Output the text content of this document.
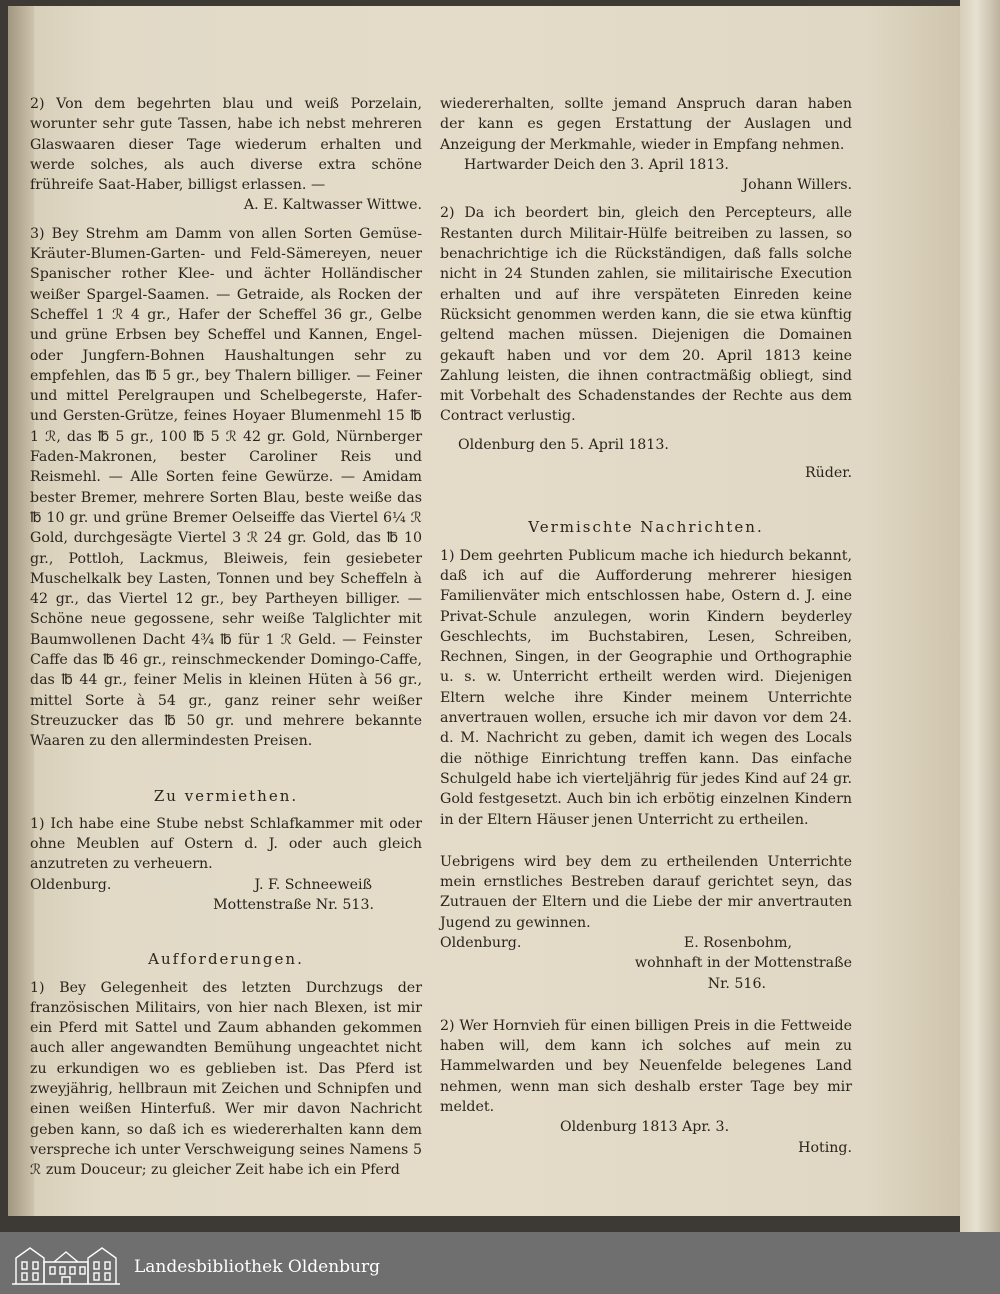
2) Von dem begehrten blau und weiß Porzelain, worunter sehr gute Tassen, habe ich nebst mehreren Glaswaaren dieser Tage wiederum erhalten und werde solches, als auch diverse extra schöne frühreife Saat-Haber, billigst erlassen. —

A. E. Kaltwasser Wittwe.

3) Bey Strehm am Damm von allen Sorten Gemüse-Kräuter-Blumen-Garten- und Feld-Sämereyen, neuer Spanischer rother Klee- und ächter Holländischer weißer Spargel-Saamen. — Getraide, als Rocken der Scheffel 1 ℛ 4 gr., Hafer der Scheffel 36 gr., Gelbe und grüne Erbsen bey Scheffel und Kannen, Engel- oder Jungfern-Bohnen Haushaltungen sehr zu empfehlen, das ℔ 5 gr., bey Thalern billiger. — Feiner und mittel Perelgraupen und Schelbegerste, Hafer- und Gersten-Grütze, feines Hoyaer Blumenmehl 15 ℔ 1 ℛ, das ℔ 5 gr., 100 ℔ 5 ℛ 42 gr. Gold, Nürnberger Faden-Makronen, bester Caroliner Reis und Reismehl. — Alle Sorten feine Gewürze. — Amidam bester Bremer, mehrere Sorten Blau, beste weiße das ℔ 10 gr. und grüne Bremer Oelseiffe das Viertel 6¼ ℛ Gold, durchgesägte Viertel 3 ℛ 24 gr. Gold, das ℔ 10 gr., Pottloh, Lackmus, Bleiweis, fein gesiebeter Muschelkalk bey Lasten, Tonnen und bey Scheffeln à 42 gr., das Viertel 12 gr., bey Partheyen billiger. — Schöne neue gegossene, sehr weiße Talglichter mit Baumwollenen Dacht 4¾ ℔ für 1 ℛ Geld. — Feinster Caffe das ℔ 46 gr., reinschmeckender Domingo-Caffe, das ℔ 44 gr., feiner Melis in kleinen Hüten à 56 gr., mittel Sorte à 54 gr., ganz reiner sehr weißer Streuzucker das ℔ 50 gr. und mehrere bekannte Waaren zu den allermindesten Preisen.

Zu vermiethen.

1) Ich habe eine Stube nebst Schlafkammer mit oder ohne Meublen auf Ostern d. J. oder auch gleich anzutreten zu verheuern.

Oldenburg.	J. F. Schneeweiß

Mottenstraße Nr. 513.

Aufforderungen.

1) Bey Gelegenheit des letzten Durchzugs der französischen Militairs, von hier nach Blexen, ist mir ein Pferd mit Sattel und Zaum abhanden gekommen auch aller angewandten Bemühung ungeachtet nicht zu erkundigen wo es geblieben ist. Das Pferd ist zweyjährig, hellbraun mit Zeichen und Schnipfen und einen weißen Hinterfuß. Wer mir davon Nachricht geben kann, so daß ich es wiedererhalten kann dem verspreche ich unter Verschweigung seines Namens 5 ℛ zum Douceur; zu gleicher Zeit habe ich ein Pferd

wiedererhalten, sollte jemand Anspruch daran haben der kann es gegen Erstattung der Auslagen und Anzeigung der Merkmahle, wieder in Empfang nehmen.

Hartwarder Deich den 3. April 1813.

Johann Willers.

2) Da ich beordert bin, gleich den Perceptеurs, alle Restanten durch Militair-Hülfe beitreiben zu lassen, so benachrichtige ich die Rückständigen, daß falls solche nicht in 24 Stunden zahlen, sie militairische Execution erhalten und auf ihre verspäteten Einreden keine Rücksicht genommen werden kann, die sie etwa künftig geltend machen müssen. Diejenigen die Domainen gekauft haben und vor dem 20. April 1813 keine Zahlung leisten, die ihnen contractmäßig obliegt, sind mit Vorbehalt des Schadenstandes der Rechte aus dem Contract verlustig.

Oldenburg den 5. April 1813.

Rüder.

Vermischte Nachrichten.

1) Dem geehrten Publicum mache ich hiedurch bekannt, daß ich auf die Aufforderung mehrerer hiesigen Familienväter mich entschlossen habe, Ostern d. J. eine Privat-Schule anzulegen, worin Kindern beyderley Geschlechts, im Buchstabiren, Lesen, Schreiben, Rechnen, Singen, in der Geographie und Orthographie u. s. w. Unterricht ertheilt werden wird. Diejenigen Eltern welche ihre Kinder meinem Unterrichte anvertrauen wollen, ersuche ich mir davon vor dem 24. d. M. Nachricht zu geben, damit ich wegen des Locals die nöthige Einrichtung treffen kann. Das einfache Schulgeld habe ich vierteljährig für jedes Kind auf 24 gr. Gold festgesetzt. Auch bin ich erbötig einzelnen Kindern in der Eltern Häuser jenen Unterricht zu ertheilen.

Uebrigens wird bey dem zu ertheilenden Unterrichte mein ernstliches Bestreben darauf gerichtet seyn, das Zutrauen der Eltern und die Liebe der mir anvertrauten Jugend zu gewinnen.

Oldenburg.	E. Rosenbohm,

wohnhaft in der Mottenstraße

Nr. 516.

2) Wer Hornvieh für einen billigen Preis in die Fettweide haben will, dem kann ich solches auf mein zu Hammelwarden und bey Neuenfelde belegenes Land nehmen, wenn man sich deshalb erster Tage bey mir meldet.

Oldenburg 1813 Apr. 3.

Hoting.

Landesbibliothek Oldenburg
